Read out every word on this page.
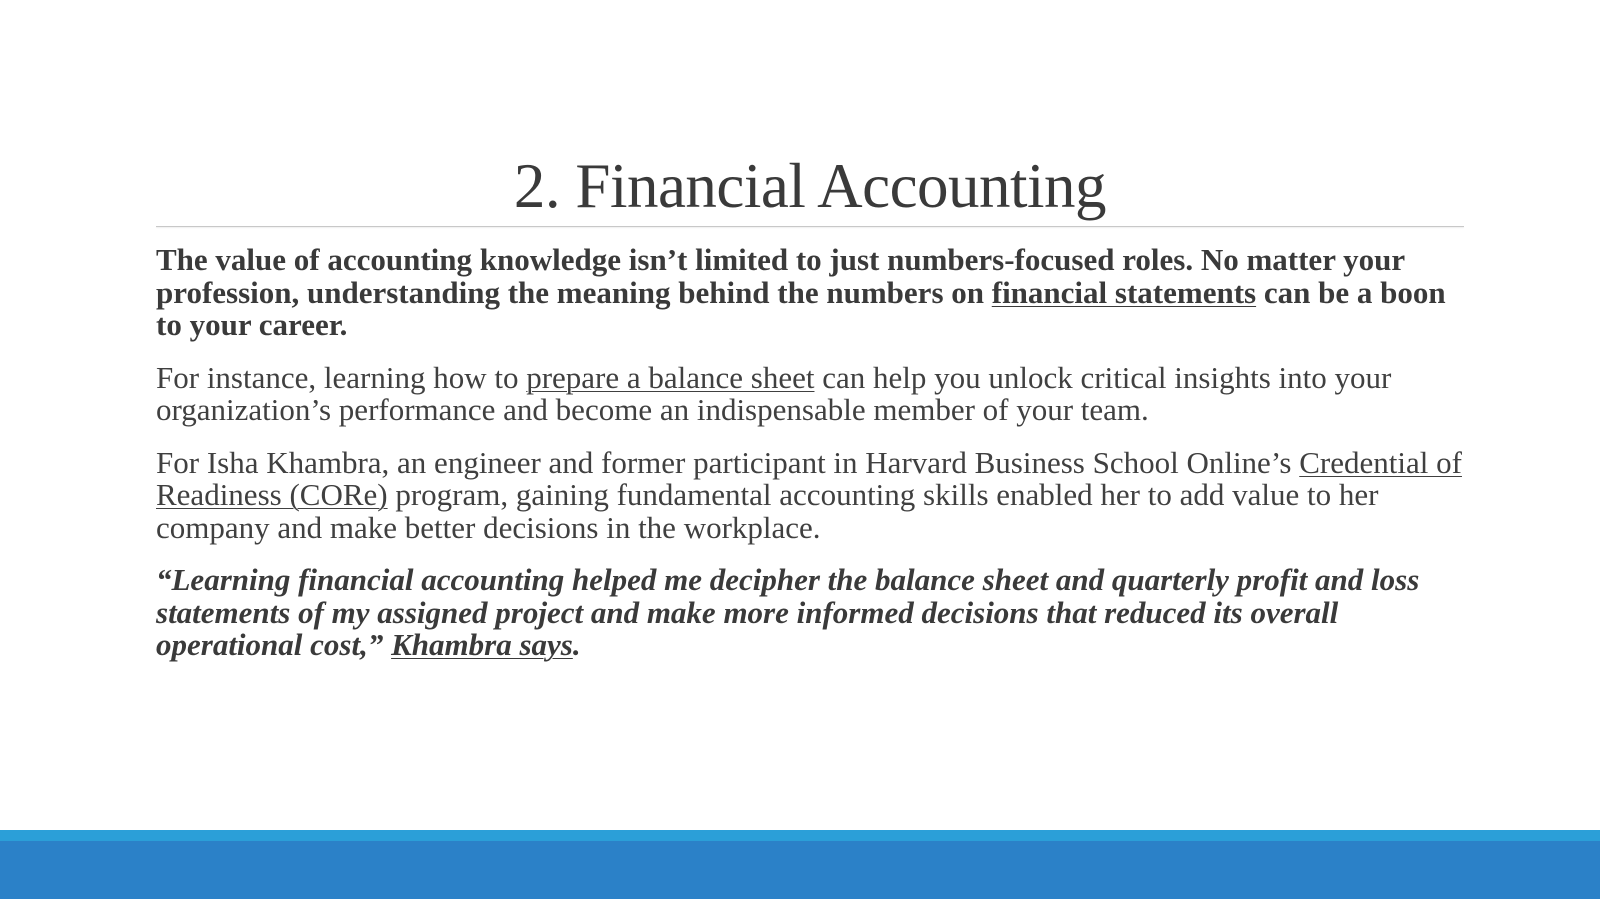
2. Financial Accounting

The value of accounting knowledge isn’t limited to just numbers-focused roles. No matter your profession, understanding the meaning behind the numbers on financial statements can be a boon to your career.

For instance, learning how to prepare a balance sheet can help you unlock critical insights into your organization’s performance and become an indispensable member of your team.

For Isha Khambra, an engineer and former participant in Harvard Business School Online’s Credential of Readiness (CORe) program, gaining fundamental accounting skills enabled her to add value to her company and make better decisions in the workplace.

“Learning financial accounting helped me decipher the balance sheet and quarterly profit and loss statements of my assigned project and make more informed decisions that reduced its overall operational cost,” Khambra says.
